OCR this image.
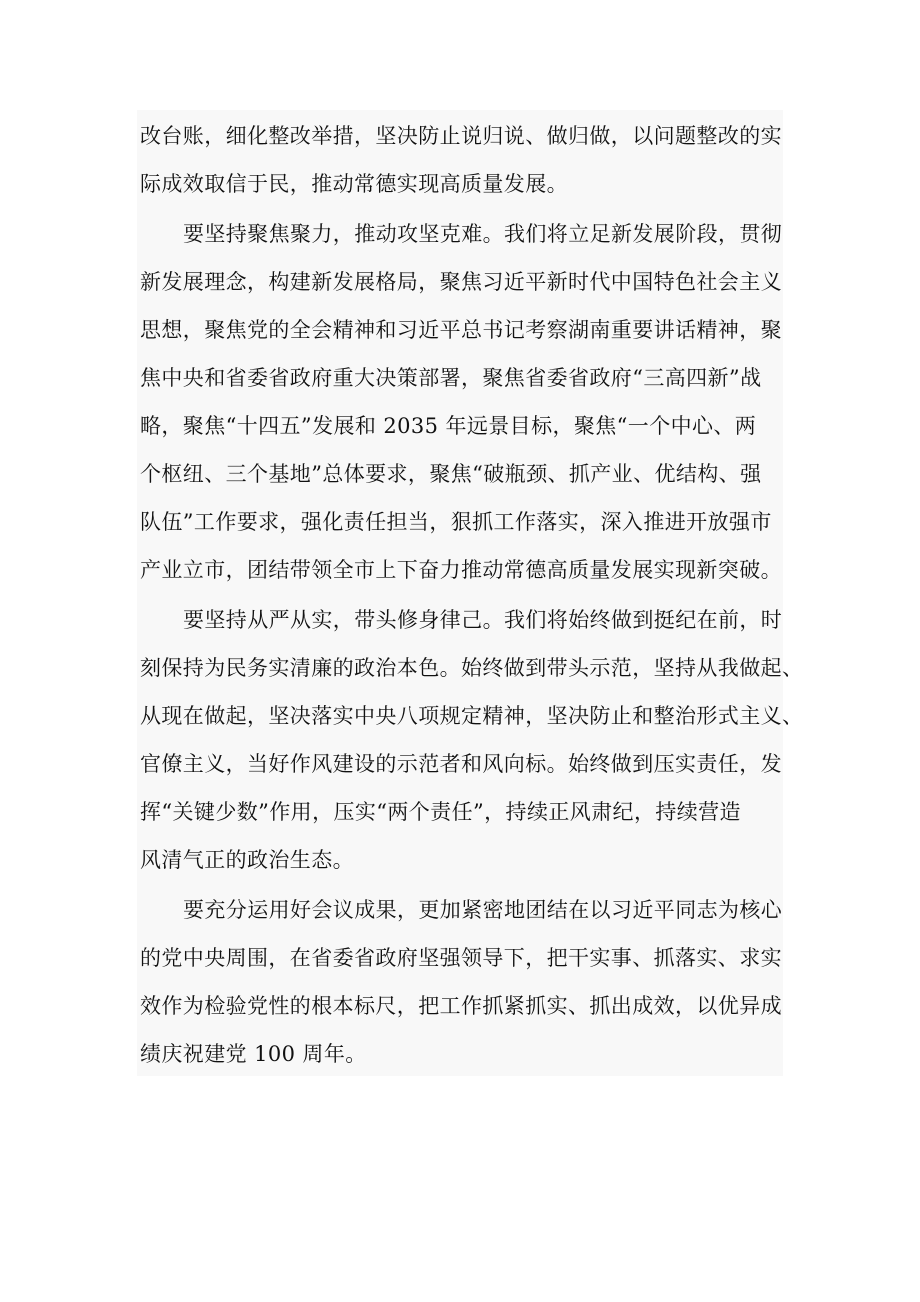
改台账，细化整改举措，坚决防止说归说、做归做，以问题整改的实
际成效取信于民，推动常德实现高质量发展。
要坚持聚焦聚力，推动攻坚克难。我们将立足新发展阶段，贯彻
新发展理念，构建新发展格局，聚焦习近平新时代中国特色社会主义
思想，聚焦党的全会精神和习近平总书记考察湖南重要讲话精神，聚
焦中央和省委省政府重大决策部署，聚焦省委省政府“三高四新”战
略，聚焦“十四五”发展和 2035 年远景目标，聚焦“一个中心、两
个枢纽、三个基地”总体要求，聚焦“破瓶颈、抓产业、优结构、强
队伍”工作要求，强化责任担当，狠抓工作落实，深入推进开放强市
产业立市，团结带领全市上下奋力推动常德高质量发展实现新突破。
要坚持从严从实，带头修身律己。我们将始终做到挺纪在前，时
刻保持为民务实清廉的政治本色。始终做到带头示范，坚持从我做起、
从现在做起，坚决落实中央八项规定精神，坚决防止和整治形式主义、
官僚主义，当好作风建设的示范者和风向标。始终做到压实责任，发
挥“关键少数”作用，压实“两个责任”，持续正风肃纪，持续营造
风清气正的政治生态。
要充分运用好会议成果，更加紧密地团结在以习近平同志为核心
的党中央周围，在省委省政府坚强领导下，把干实事、抓落实、求实
效作为检验党性的根本标尺，把工作抓紧抓实、抓出成效，以优异成
绩庆祝建党 100 周年。
